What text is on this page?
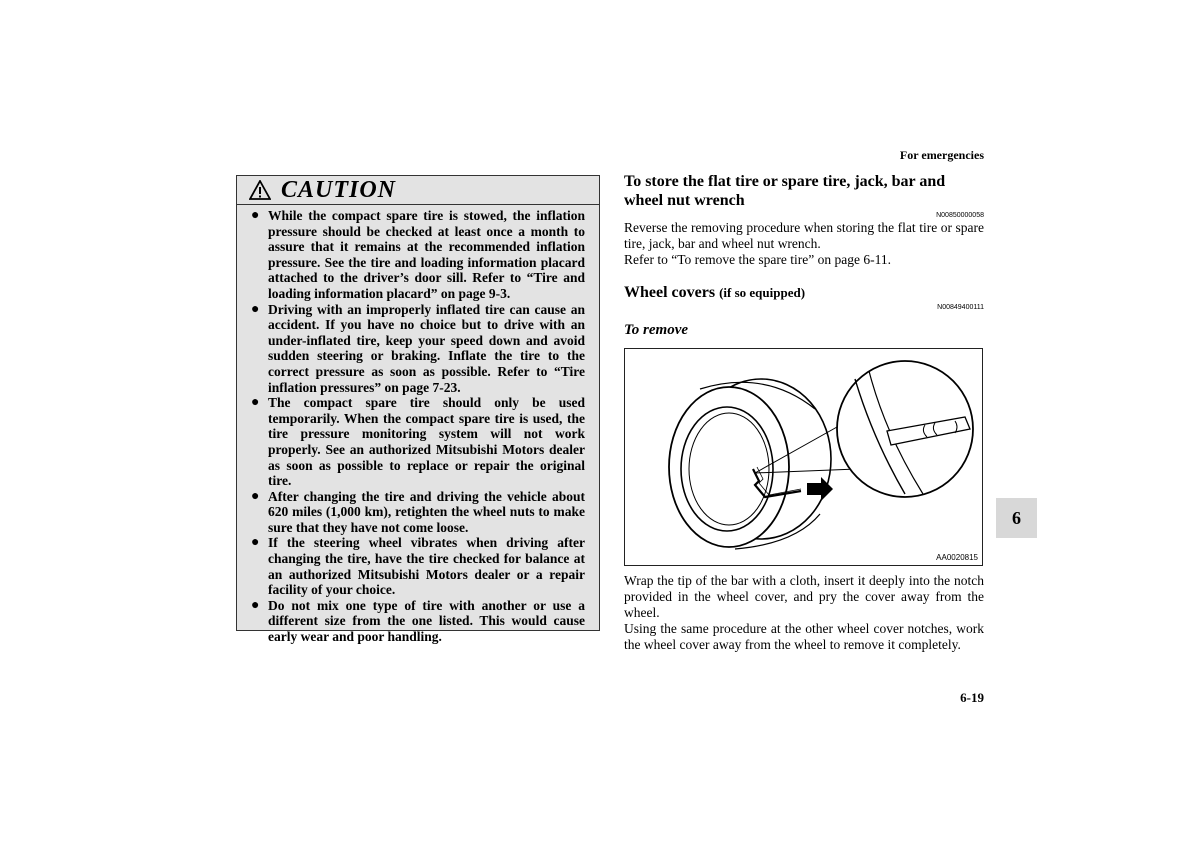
For emergencies
CAUTION
● While the compact spare tire is stowed, the inflation pressure should be checked at least once a month to assure that it remains at the recommended inflation pressure. See the tire and loading information placard attached to the driver’s door sill. Refer to “Tire and loading information placard” on page 9-3.
● Driving with an improperly inflated tire can cause an accident. If you have no choice but to drive with an under-inflated tire, keep your speed down and avoid sudden steering or braking. Inflate the tire to the correct pressure as soon as possible. Refer to “Tire inflation pressures” on page 7-23.
● The compact spare tire should only be used temporarily. When the compact spare tire is used, the tire pressure monitoring system will not work properly. See an authorized Mitsubishi Motors dealer as soon as possible to replace or repair the original tire.
● After changing the tire and driving the vehicle about 620 miles (1,000 km), retighten the wheel nuts to make sure that they have not come loose.
● If the steering wheel vibrates when driving after changing the tire, have the tire checked for balance at an authorized Mitsubishi Motors dealer or a repair facility of your choice.
● Do not mix one type of tire with another or use a different size from the one listed. This would cause early wear and poor handling.
To store the flat tire or spare tire, jack, bar and wheel nut wrench
N00850000058

Reverse the removing procedure when storing the flat tire or spare tire, jack, bar and wheel nut wrench.

Refer to “To remove the spare tire” on page 6-11.

Wheel covers (if so equipped)
N00849400111
To remove
AA0020815

Wrap the tip of the bar with a cloth, insert it deeply into the notch provided in the wheel cover, and pry the cover away from the wheel.

Using the same procedure at the other wheel cover notches, work the wheel cover away from the wheel to remove it completely.

6
6-19
